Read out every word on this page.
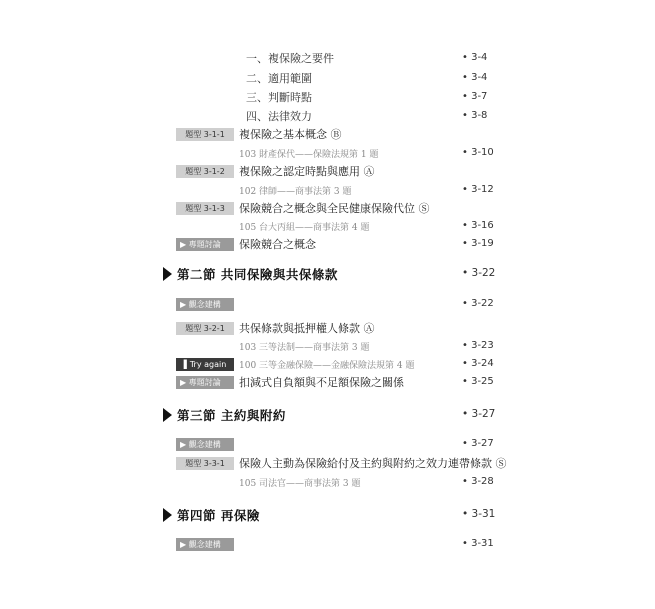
一、複保險之要件	• 3-4
二、適用範圍	• 3-4
三、判斷時點	• 3-7
四、法律效力	• 3-8
題型 3-1-1	複保險之基本概念 Ⓑ
103 財產保代——保險法規第 1 題	• 3-10
題型 3-1-2	複保險之認定時點與應用 Ⓐ
102 律師——商事法第 3 題	• 3-12
題型 3-1-3	保險競合之概念與全民健康保險代位 Ⓢ
105 台大丙組——商事法第 4 題	• 3-16
▶ 專題討論	保險競合之概念	• 3-19
第二節 共同保險與共保條款	• 3-22
▶ 觀念建構	• 3-22
題型 3-2-1	共保條款與抵押權人條款 Ⓐ
103 三等法制——商事法第 3 題	• 3-23
▌Try again	100 三等金融保險——金融保險法規第 4 題	• 3-24
▶ 專題討論	扣減式自負額與不足額保險之關係	• 3-25
第三節 主約與附約	• 3-27
▶ 觀念建構	• 3-27
題型 3-3-1	保險人主動為保險給付及主約與附約之效力連帶條款 Ⓢ
105 司法官——商事法第 3 題	• 3-28
第四節 再保險	• 3-31
▶ 觀念建構	• 3-31
